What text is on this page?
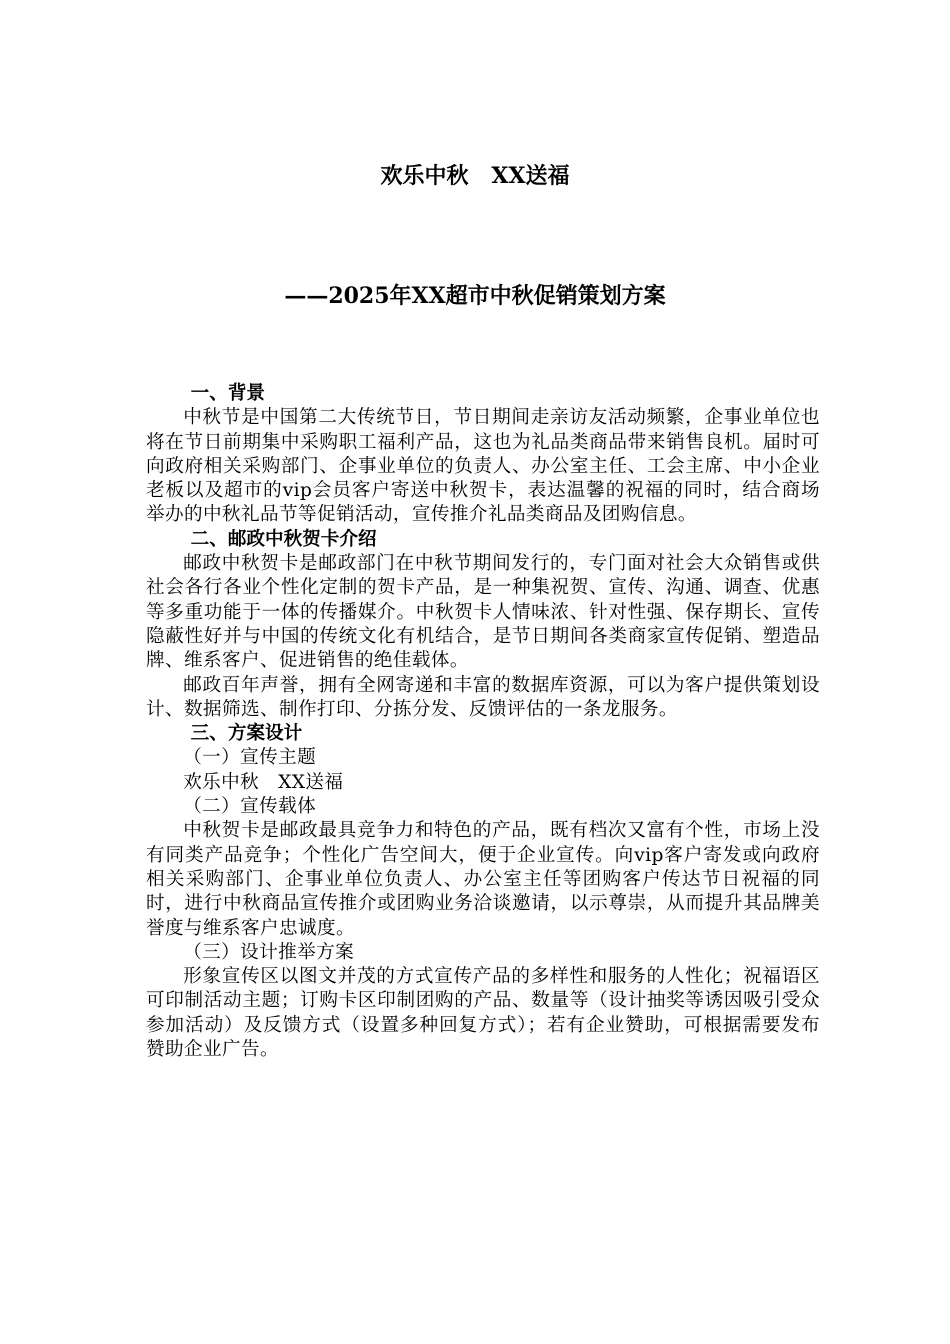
欢乐中秋   XX送福
——2025年XX超市中秋促销策划方案
一、背景

中秋节是中国第二大传统节日，节日期间走亲访友活动频繁，企事业单位也将在节日前期集中采购职工福利产品，这也为礼品类商品带来销售良机。届时可向政府相关采购部门、企事业单位的负责人、办公室主任、工会主席、中小企业老板以及超市的vip会员客户寄送中秋贺卡，表达温馨的祝福的同时，结合商场举办的中秋礼品节等促销活动，宣传推介礼品类商品及团购信息。

二、邮政中秋贺卡介绍

邮政中秋贺卡是邮政部门在中秋节期间发行的，专门面对社会大众销售或供社会各行各业个性化定制的贺卡产品，是一种集祝贺、宣传、沟通、调查、优惠等多重功能于一体的传播媒介。中秋贺卡人情味浓、针对性强、保存期长、宣传隐蔽性好并与中国的传统文化有机结合，是节日期间各类商家宣传促销、塑造品牌、维系客户、促进销售的绝佳载体。

邮政百年声誉，拥有全网寄递和丰富的数据库资源，可以为客户提供策划设计、数据筛选、制作打印、分拣分发、反馈评估的一条龙服务。

三、方案设计
（一）宣传主题
欢乐中秋   XX送福
（二）宣传载体

中秋贺卡是邮政最具竞争力和特色的产品，既有档次又富有个性，市场上没有同类产品竞争；个性化广告空间大，便于企业宣传。向vip客户寄发或向政府相关采购部门、企事业单位负责人、办公室主任等团购客户传达节日祝福的同时，进行中秋商品宣传推介或团购业务洽谈邀请，以示尊崇，从而提升其品牌美誉度与维系客户忠诚度。

（三）设计推举方案

形象宣传区以图文并茂的方式宣传产品的多样性和服务的人性化；祝福语区可印制活动主题；订购卡区印制团购的产品、数量等（设计抽奖等诱因吸引受众参加活动）及反馈方式（设置多种回复方式）；若有企业赞助，可根据需要发布赞助企业广告。
